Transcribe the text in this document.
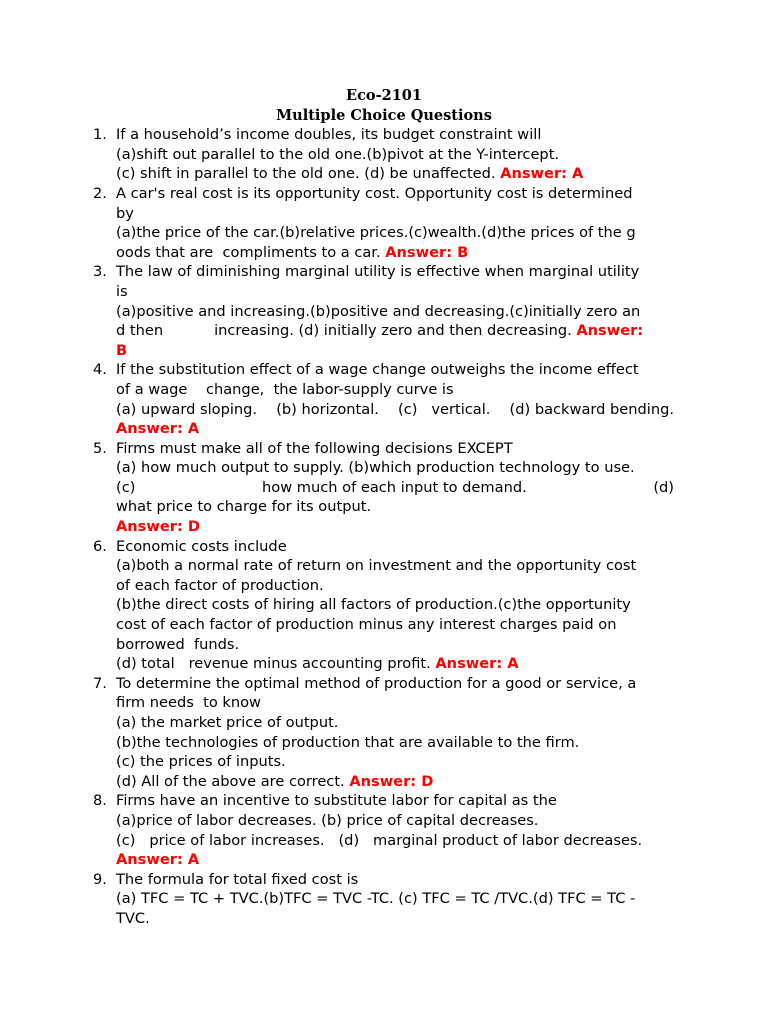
Eco-2101
Multiple Choice Questions
1. If a household’s income doubles, its budget constraint will
(a)shift out parallel to the old one.(b)pivot at the Y-intercept.
(c) shift in parallel to the old one. (d) be unaffected. Answer: A
2. A car's real cost is its opportunity cost. Opportunity cost is determined
by
(a)the price of the car.(b)relative prices.(c)wealth.(d)the prices of the g
oods that are  compliments to a car. Answer: B
3. The law of diminishing marginal utility is effective when marginal utility
is
(a)positive and increasing.(b)positive and decreasing.(c)initially zero an
d then	increasing. (d) initially zero and then decreasing. Answer:
B
4. If the substitution effect of a wage change outweighs the income effect
of a wage    change,  the labor-supply curve is
(a) upward sloping. (b) horizontal. (c)   vertical. (d) backward bending.
Answer: A
5. Firms must make all of the following decisions EXCEPT
(a) how much output to supply. (b)which production technology to use.
(c)	how much of each input to demand.	(d)
what price to charge for its output.
Answer: D
6. Economic costs include
(a)both a normal rate of return on investment and the opportunity cost
of each factor of production.
(b)the direct costs of hiring all factors of production.(c)the opportunity
cost of each factor of production minus any interest charges paid on
borrowed  funds.
(d) total   revenue minus accounting profit. Answer: A
7. To determine the optimal method of production for a good or service, a
firm needs  to know
(a) the market price of output.
(b)the technologies of production that are available to the firm.
(c) the prices of inputs.
(d) All of the above are correct. Answer: D
8. Firms have an incentive to substitute labor for capital as the
(a)price of labor decreases. (b) price of capital decreases.
(c)   price of labor increases.   (d)   marginal product of labor decreases.
Answer: A
9. The formula for total fixed cost is
(a) TFC = TC + TVC.(b)TFC = TVC -TC. (c) TFC = TC /TVC.(d) TFC = TC -
TVC.
